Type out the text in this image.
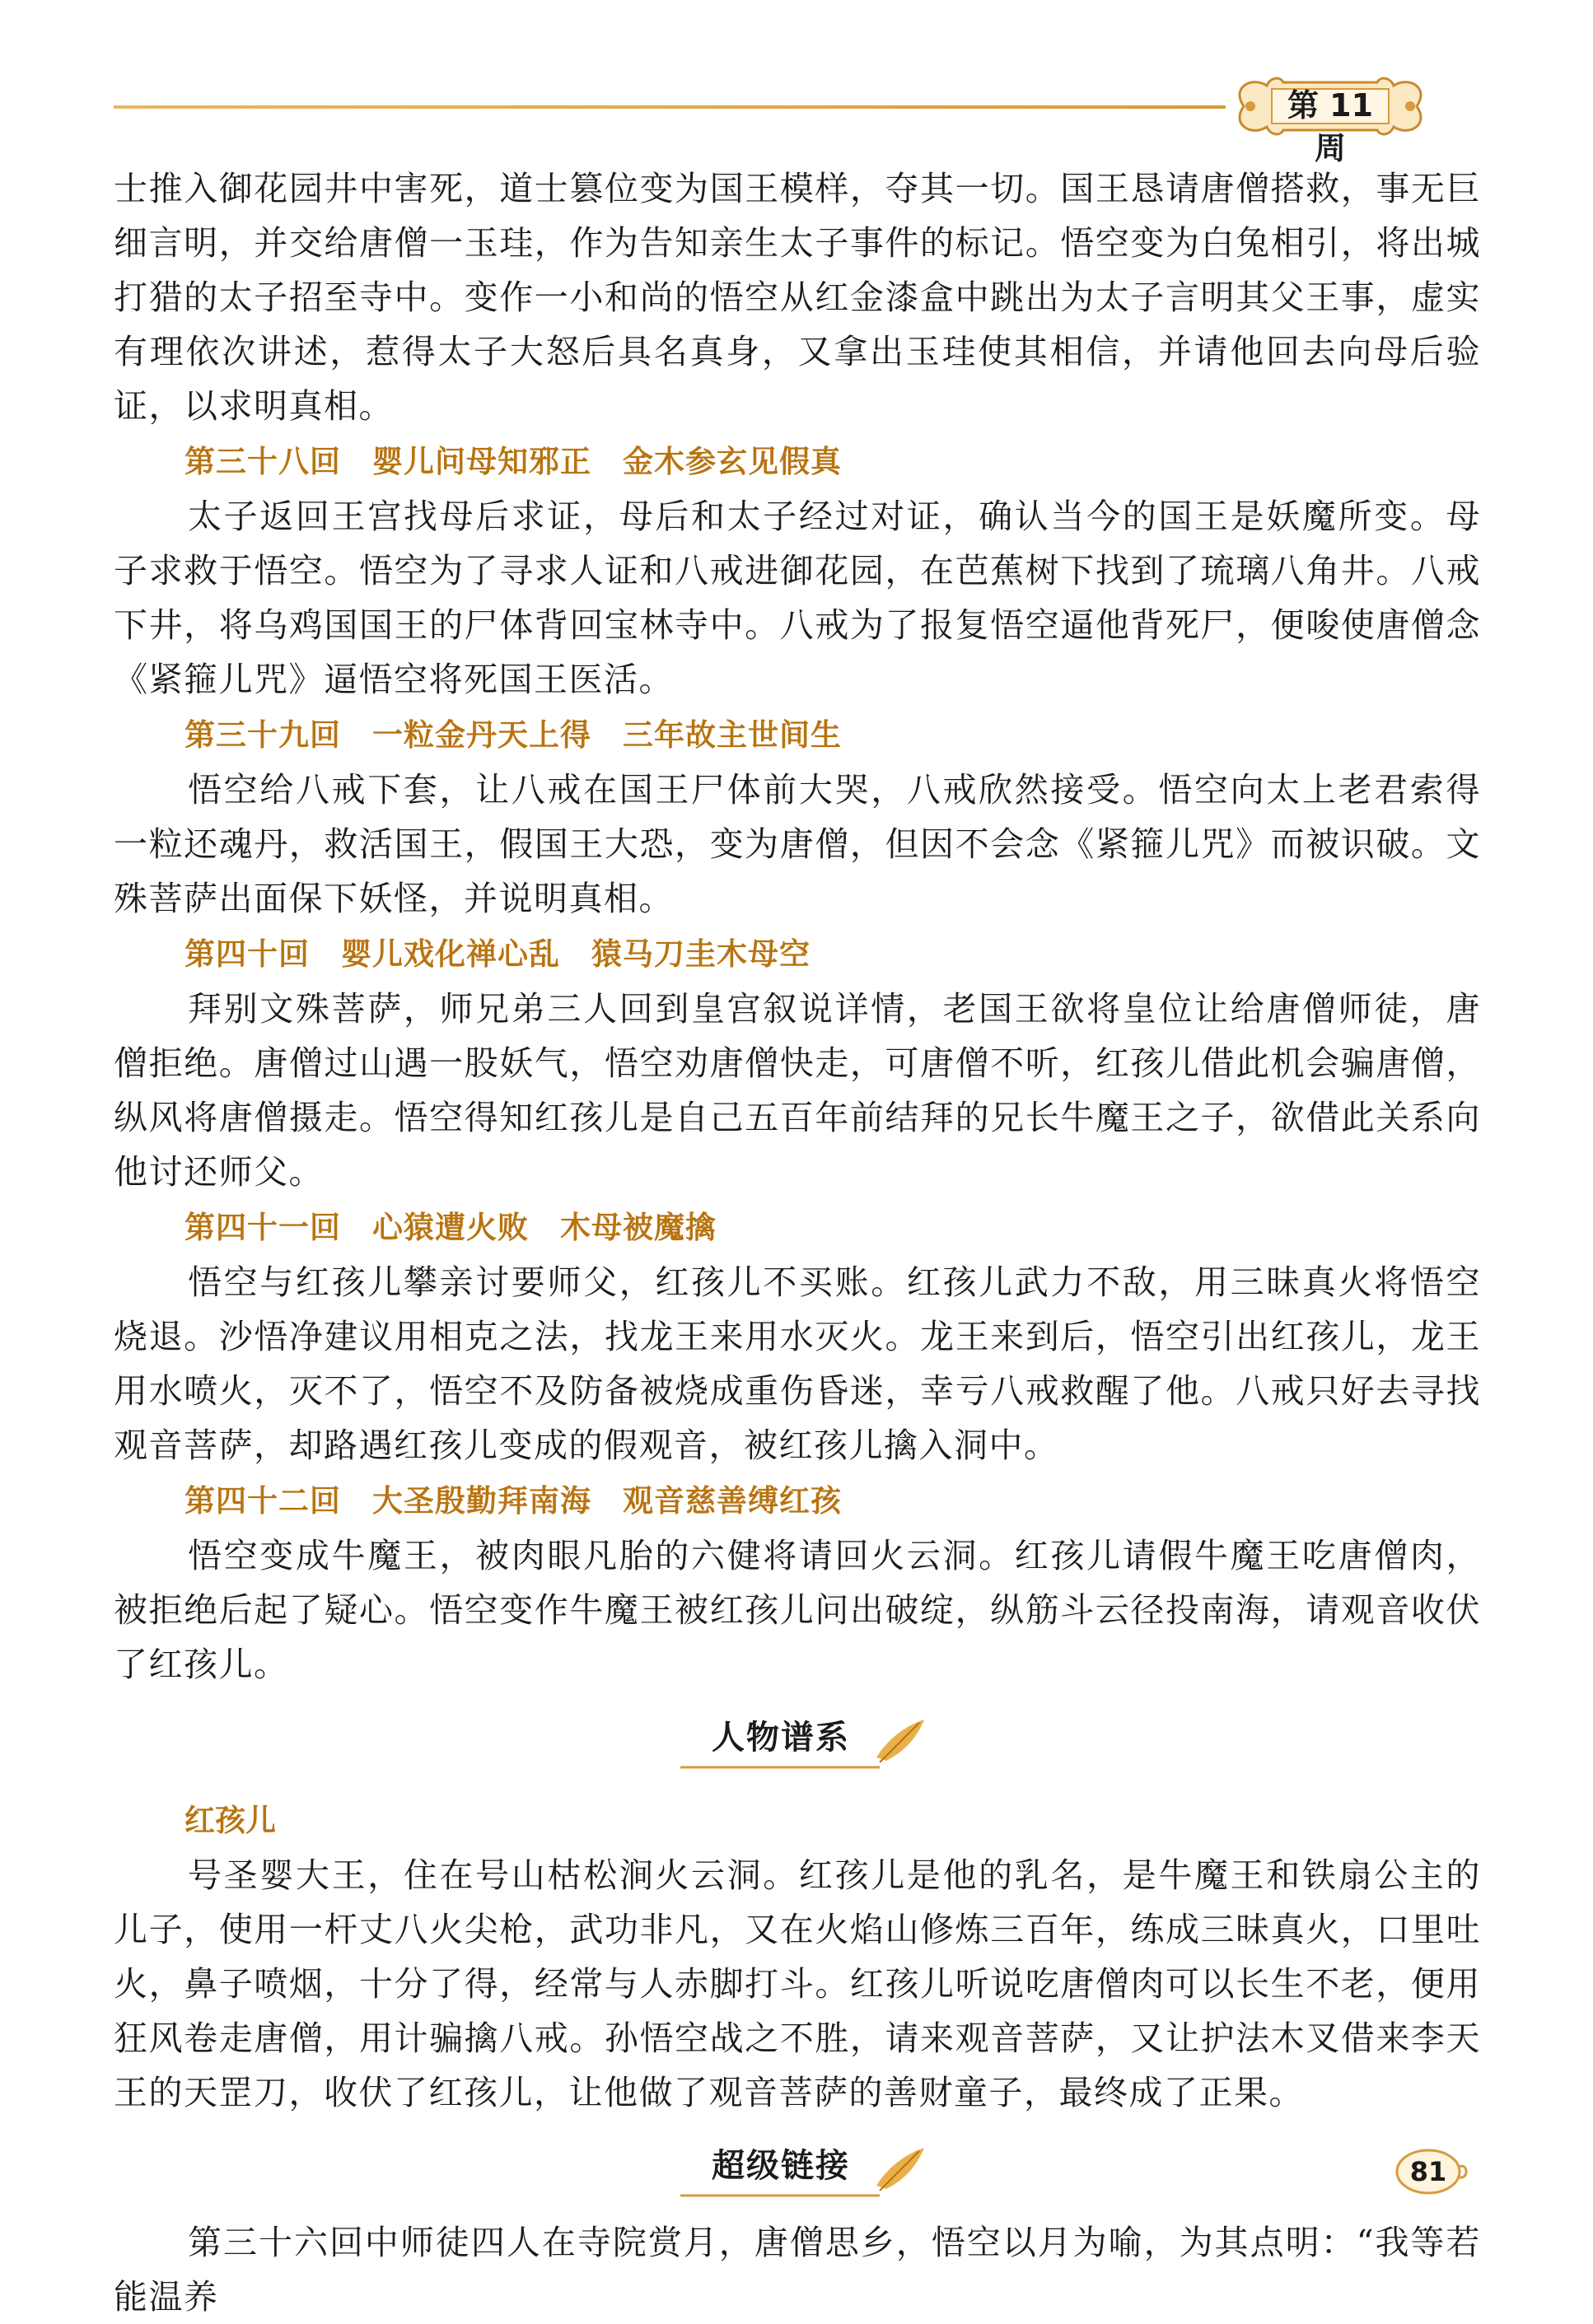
第 11 周

士推入御花园井中害死，道士篡位变为国王模样，夺其一切。国王恳请唐僧搭救，事无巨细言明，并交给唐僧一玉珪，作为告知亲生太子事件的标记。悟空变为白兔相引，将出城打猎的太子招至寺中。变作一小和尚的悟空从红金漆盒中跳出为太子言明其父王事，虚实有理依次讲述，惹得太子大怒后具名真身，又拿出玉珪使其相信，并请他回去向母后验证，以求明真相。

第三十八回　婴儿问母知邪正　金木参玄见假真

太子返回王宫找母后求证，母后和太子经过对证，确认当今的国王是妖魔所变。母子求救于悟空。悟空为了寻求人证和八戒进御花园，在芭蕉树下找到了琉璃八角井。八戒下井，将乌鸡国国王的尸体背回宝林寺中。八戒为了报复悟空逼他背死尸，便唆使唐僧念《紧箍儿咒》逼悟空将死国王医活。

第三十九回　一粒金丹天上得　三年故主世间生

悟空给八戒下套，让八戒在国王尸体前大哭，八戒欣然接受。悟空向太上老君索得一粒还魂丹，救活国王，假国王大恐，变为唐僧，但因不会念《紧箍儿咒》而被识破。文殊菩萨出面保下妖怪，并说明真相。

第四十回　婴儿戏化禅心乱　猿马刀圭木母空

拜别文殊菩萨，师兄弟三人回到皇宫叙说详情，老国王欲将皇位让给唐僧师徒，唐僧拒绝。唐僧过山遇一股妖气，悟空劝唐僧快走，可唐僧不听，红孩儿借此机会骗唐僧，纵风将唐僧摄走。悟空得知红孩儿是自己五百年前结拜的兄长牛魔王之子，欲借此关系向他讨还师父。

第四十一回　心猿遭火败　木母被魔擒

悟空与红孩儿攀亲讨要师父，红孩儿不买账。红孩儿武力不敌，用三昧真火将悟空烧退。沙悟净建议用相克之法，找龙王来用水灭火。龙王来到后，悟空引出红孩儿，龙王用水喷火，灭不了，悟空不及防备被烧成重伤昏迷，幸亏八戒救醒了他。八戒只好去寻找观音菩萨，却路遇红孩儿变成的假观音，被红孩儿擒入洞中。

第四十二回　大圣殷勤拜南海　观音慈善缚红孩

悟空变成牛魔王，被肉眼凡胎的六健将请回火云洞。红孩儿请假牛魔王吃唐僧肉，被拒绝后起了疑心。悟空变作牛魔王被红孩儿问出破绽，纵筋斗云径投南海，请观音收伏了红孩儿。

人物谱系
红孩儿

号圣婴大王，住在号山枯松涧火云洞。红孩儿是他的乳名，是牛魔王和铁扇公主的儿子，使用一杆丈八火尖枪，武功非凡，又在火焰山修炼三百年，练成三昧真火，口里吐火，鼻子喷烟，十分了得，经常与人赤脚打斗。红孩儿听说吃唐僧肉可以长生不老，便用狂风卷走唐僧，用计骗擒八戒。孙悟空战之不胜，请来观音菩萨，又让护法木叉借来李天王的天罡刀，收伏了红孩儿，让他做了观音菩萨的善财童子，最终成了正果。

超级链接

第三十六回中师徒四人在寺院赏月，唐僧思乡，悟空以月为喻，为其点明：“我等若能温养

81
